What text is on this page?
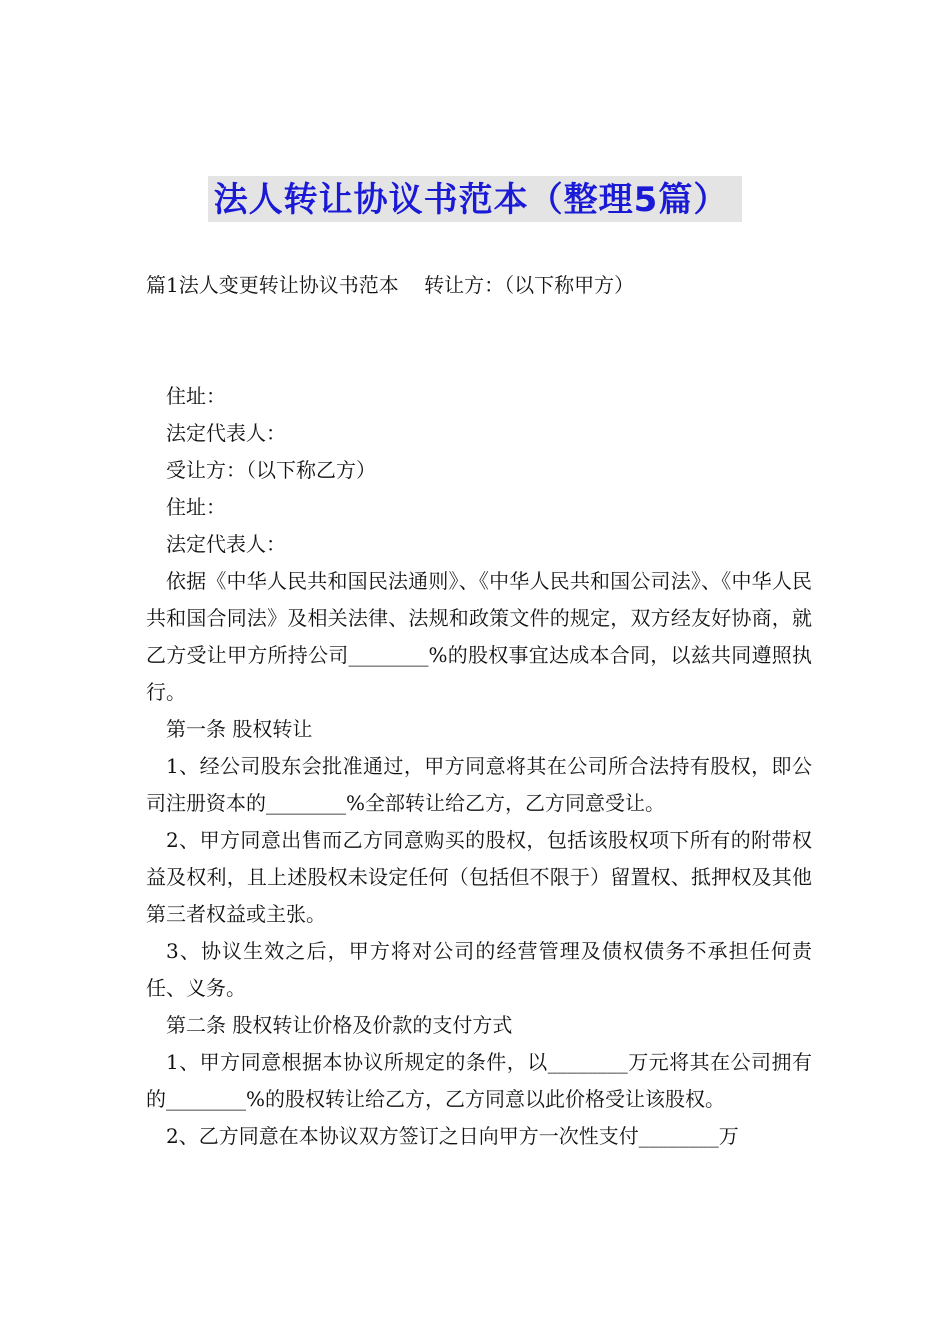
法人转让协议书范本（整理5篇）
篇1法人变更转让协议书范本    转让方：（以下称甲方）

住址：

法定代表人：

受让方：（以下称乙方）

住址：

法定代表人：

依据《中华人民共和国民法通则》、《中华人民共和国公司法》、《中华人民共和国合同法》及相关法律、法规和政策文件的规定，双方经友好协商，就乙方受让甲方所持公司________%的股权事宜达成本合同，以兹共同遵照执行。

第一条 股权转让

1、经公司股东会批准通过，甲方同意将其在公司所合法持有股权，即公司注册资本的________%全部转让给乙方，乙方同意受让。

2、甲方同意出售而乙方同意购买的股权，包括该股权项下所有的附带权益及权利，且上述股权未设定任何（包括但不限于）留置权、抵押权及其他第三者权益或主张。

3、协议生效之后，甲方将对公司的经营管理及债权债务不承担任何责任、义务。

第二条 股权转让价格及价款的支付方式

1、甲方同意根据本协议所规定的条件，以________万元将其在公司拥有的________%的股权转让给乙方，乙方同意以此价格受让该股权。

2、乙方同意在本协议双方签订之日向甲方一次性支付________万
